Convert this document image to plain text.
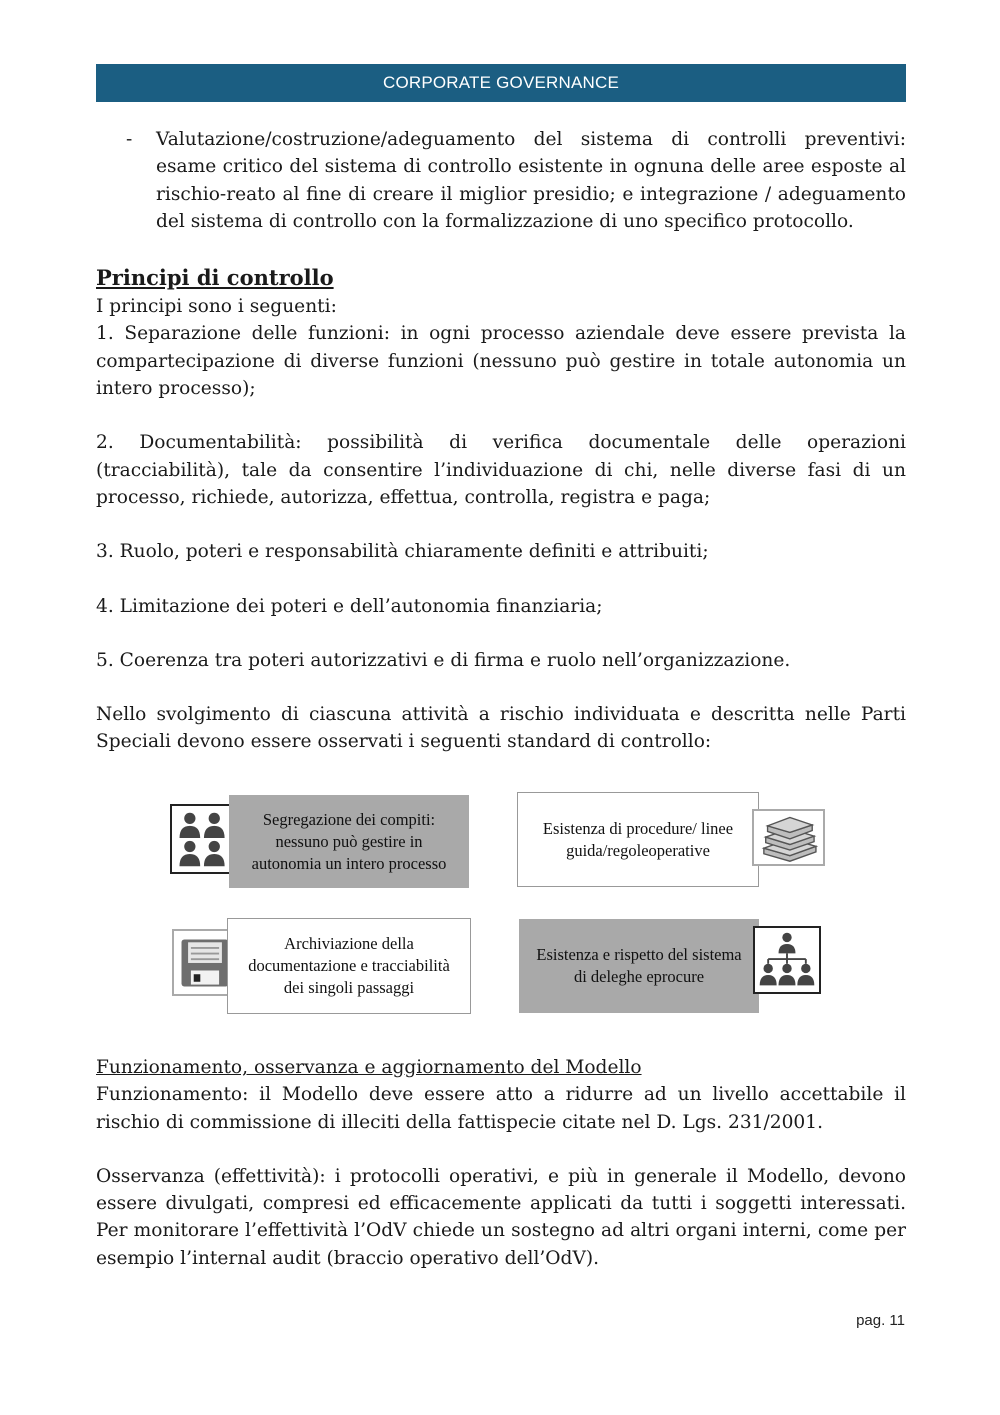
CORPORATE GOVERNANCE
-	Valutazione/costruzione/adeguamento del sistema di controlli preventivi: esame critico del sistema di controllo esistente in ognuna delle aree esposte al rischio-reato al fine di creare il miglior presidio; e integrazione / adeguamento del sistema di controllo con la formalizzazione di uno specifico protocollo.

Principi di controllo

I principi sono i seguenti:

1. Separazione delle funzioni: in ogni processo aziendale deve essere prevista la compartecipazione di diverse funzioni (nessuno può gestire in totale autonomia un intero processo);

2. Documentabilità: possibilità di verifica documentale delle operazioni (tracciabilità), tale da consentire l’individuazione di chi, nelle diverse fasi di un processo, richiede, autorizza, effettua, controlla, registra e paga;

3. Ruolo, poteri e responsabilità chiaramente definiti e attribuiti;

4. Limitazione dei poteri e dell’autonomia finanziaria;

5. Coerenza tra poteri autorizzativi e di firma e ruolo nell’organizzazione.

Nello svolgimento di ciascuna attività a rischio individuata e descritta nelle Parti Speciali devono essere osservati i seguenti standard di controllo:

Segregazione dei compiti: nessuno può gestire in autonomia un intero processo
Esistenza di procedure/ linee guida/regoleoperative
Archiviazione della documentazione e tracciabilità dei singoli passaggi
Esistenza e rispetto del sistema di deleghe eprocure

Funzionamento, osservanza e aggiornamento del Modello

Funzionamento: il Modello deve essere atto a ridurre ad un livello accettabile il rischio di commissione di illeciti della fattispecie citate nel D. Lgs. 231/2001.

Osservanza (effettività): i protocolli operativi, e più in generale il Modello, devono essere divulgati, compresi ed efficacemente applicati da tutti i soggetti interessati. Per monitorare l’effettività l’OdV chiede un sostegno ad altri organi interni, come per esempio l’internal audit (braccio operativo dell’OdV).

pag. 11
